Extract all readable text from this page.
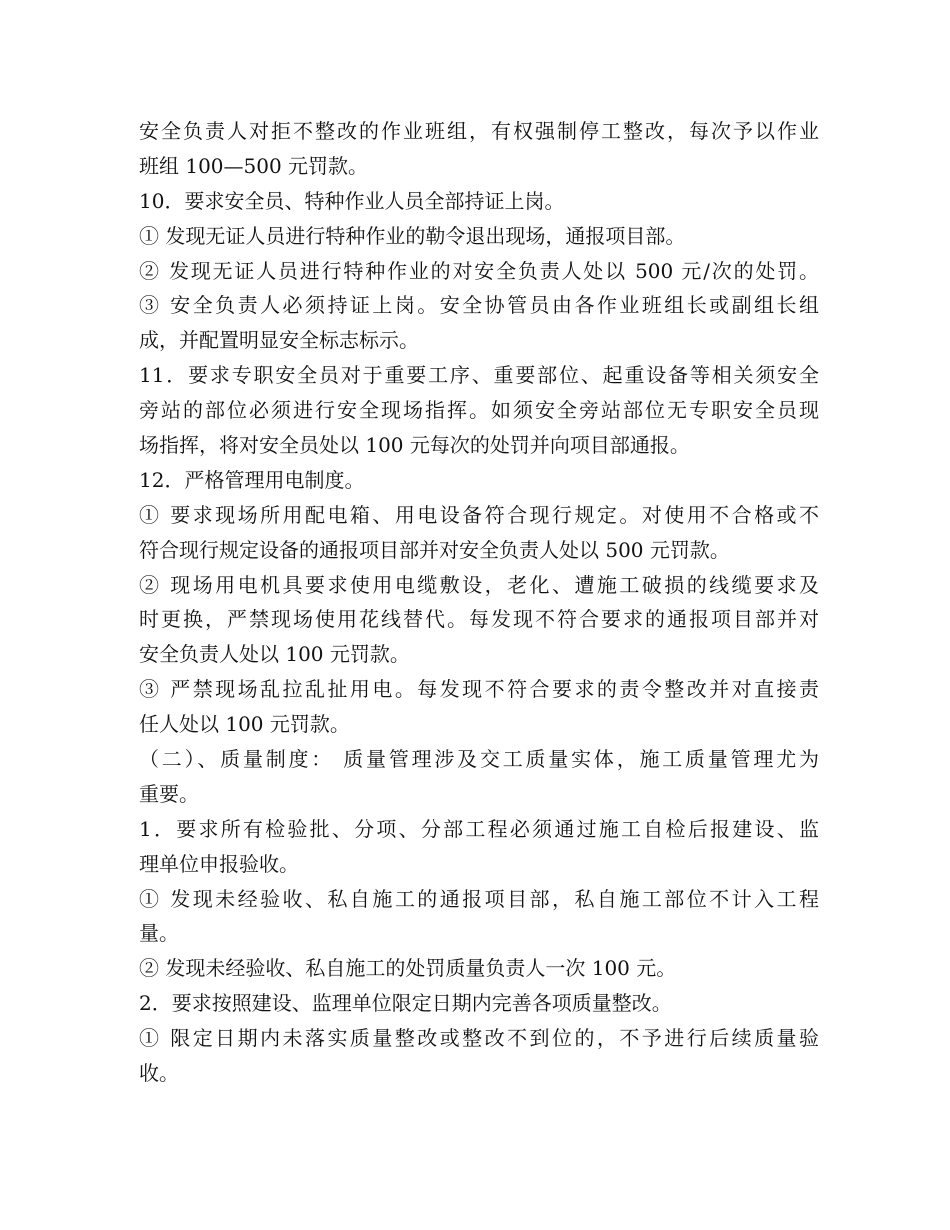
安全负责人对拒不整改的作业班组，有权强制停工整改，每次予以作业
班组 100—500 元罚款。
10．要求安全员、特种作业人员全部持证上岗。
① 发现无证人员进行特种作业的勒令退出现场，通报项目部。
② 发现无证人员进行特种作业的对安全负责人处以 500 元/次的处罚。
③ 安全负责人必须持证上岗。安全协管员由各作业班组长或副组长组
成，并配置明显安全标志标示。
11．要求专职安全员对于重要工序、重要部位、起重设备等相关须安全
旁站的部位必须进行安全现场指挥。如须安全旁站部位无专职安全员现
场指挥，将对安全员处以 100 元每次的处罚并向项目部通报。
12．严格管理用电制度。
① 要求现场所用配电箱、用电设备符合现行规定。对使用不合格或不
符合现行规定设备的通报项目部并对安全负责人处以 500 元罚款。
② 现场用电机具要求使用电缆敷设，老化、遭施工破损的线缆要求及
时更换，严禁现场使用花线替代。每发现不符合要求的通报项目部并对
安全负责人处以 100 元罚款。
③ 严禁现场乱拉乱扯用电。每发现不符合要求的责令整改并对直接责
任人处以 100 元罚款。
（二）、质量制度： 质量管理涉及交工质量实体，施工质量管理尤为
重要。
1．要求所有检验批、分项、分部工程必须通过施工自检后报建设、监
理单位申报验收。
① 发现未经验收、私自施工的通报项目部，私自施工部位不计入工程
量。
② 发现未经验收、私自施工的处罚质量负责人一次 100 元。
2．要求按照建设、监理单位限定日期内完善各项质量整改。
① 限定日期内未落实质量整改或整改不到位的，不予进行后续质量验
收。
